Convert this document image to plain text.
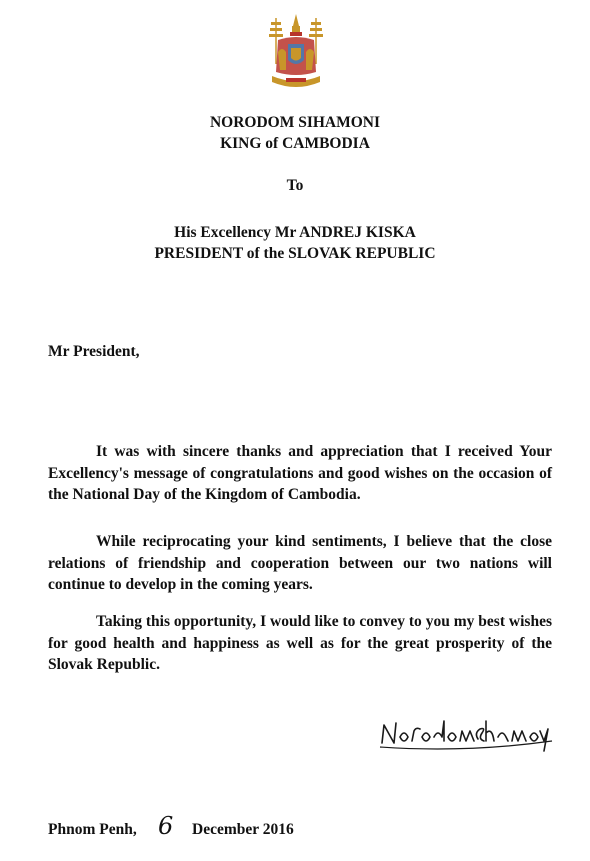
NORODOM SIHAMONI
KING of CAMBODIA
To
His Excellency Mr ANDREJ KISKA
PRESIDENT of the SLOVAK REPUBLIC
Mr President,

It was with sincere thanks and appreciation that I received Your Excellency's message of congratulations and good wishes on the occasion of the National Day of the Kingdom of Cambodia.

While reciprocating your kind sentiments, I believe that the close relations of friendship and cooperation between our two nations will continue to develop in the coming years.

Taking this opportunity, I would like to convey to you my best wishes for good health and happiness as well as for the great prosperity of the Slovak Republic.

Phnom Penh, 6 December 2016
